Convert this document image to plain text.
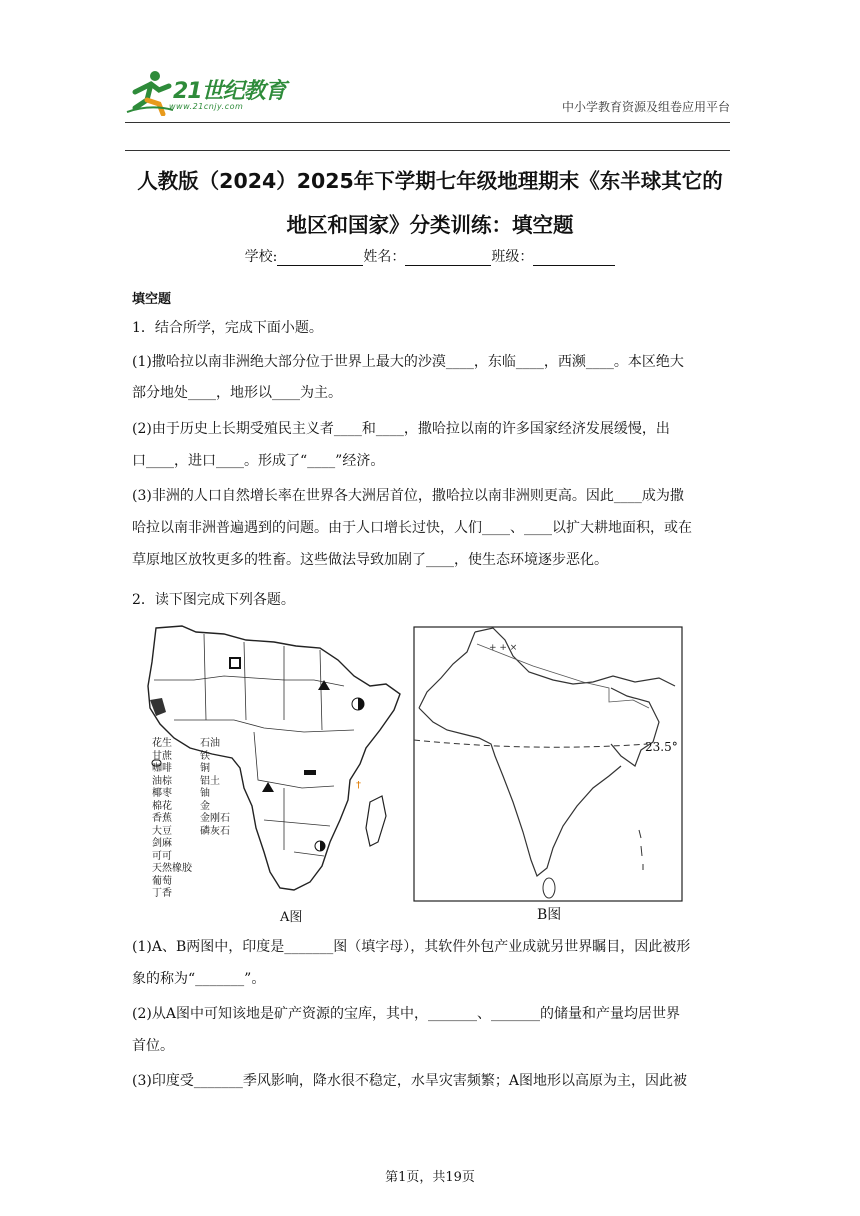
21世纪教育
www.21cnjy.com	中小学教育资源及组卷应用平台
人教版（2024）2025年下学期七年级地理期末《东半球其它的
地区和国家》分类训练：填空题
学校:	姓名：	班级：
填空题
1．结合所学，完成下面小题。
(1)撒哈拉以南非洲绝大部分位于世界上最大的沙漠____，东临____，西濒____。本区绝大
部分地处____，地形以____为主。
(2)由于历史上长期受殖民主义者____和____，撒哈拉以南的许多国家经济发展缓慢，出
口____，进口____。形成了“____”经济。
(3)非洲的人口自然增长率在世界各大洲居首位，撒哈拉以南非洲则更高。因此____成为撒
哈拉以南非洲普遍遇到的问题。由于人口增长过快，人们____、____以扩大耕地面积，或在
草原地区放牧更多的牲畜。这些做法导致加剧了____，使生态环境逐步恶化。
2．读下图完成下列各题。
†
花生
甘蔗
咖啡
油棕
椰枣
棉花
香蕉
大豆
剑麻
可可
天然橡胶
葡萄
丁香
石油
铁
铜
铝土
铀
金
金刚石
磷灰石
A图
+ + ×
23.5°
B图
(1)A、B两图中，印度是_______图（填字母），其软件外包产业成就另世界瞩目，因此被形
象的称为“_______”。
(2)从A图中可知该地是矿产资源的宝库，其中，_______、_______的储量和产量均居世界
首位。
(3)印度受_______季风影响，降水很不稳定，水旱灾害频繁；A图地形以高原为主，因此被
第1页，共19页
